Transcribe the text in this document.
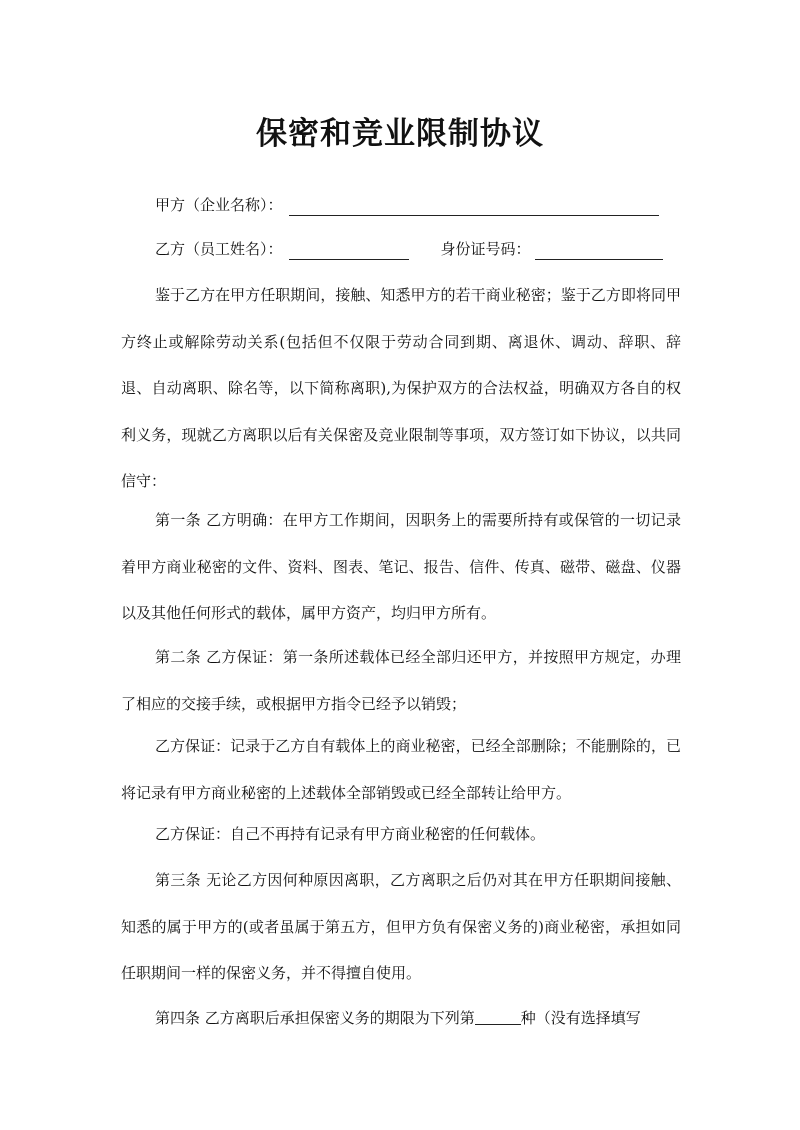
保密和竞业限制协议
甲方（企业名称）：
乙方（员工姓名）：	身份证号码：

鉴于乙方在甲方任职期间，接触、知悉甲方的若干商业秘密；鉴于乙方即将同甲方终止或解除劳动关系(包括但不仅限于劳动合同到期、离退休、调动、辞职、辞退、自动离职、除名等，以下简称离职),为保护双方的合法权益，明确双方各自的权利义务，现就乙方离职以后有关保密及竞业限制等事项，双方签订如下协议，以共同信守：

第一条 乙方明确：在甲方工作期间，因职务上的需要所持有或保管的一切记录着甲方商业秘密的文件、资料、图表、笔记、报告、信件、传真、磁带、磁盘、仪器以及其他任何形式的载体，属甲方资产，均归甲方所有。

第二条 乙方保证：第一条所述载体已经全部归还甲方，并按照甲方规定，办理了相应的交接手续，或根据甲方指令已经予以销毁；

乙方保证：记录于乙方自有载体上的商业秘密，已经全部删除；不能删除的，已将记录有甲方商业秘密的上述载体全部销毁或已经全部转让给甲方。

乙方保证：自己不再持有记录有甲方商业秘密的任何载体。

第三条 无论乙方因何种原因离职，乙方离职之后仍对其在甲方任职期间接触、知悉的属于甲方的(或者虽属于第五方，但甲方负有保密义务的)商业秘密，承担如同任职期间一样的保密义务，并不得擅自使用。

第四条 乙方离职后承担保密义务的期限为下列第	种（没有选择填写
